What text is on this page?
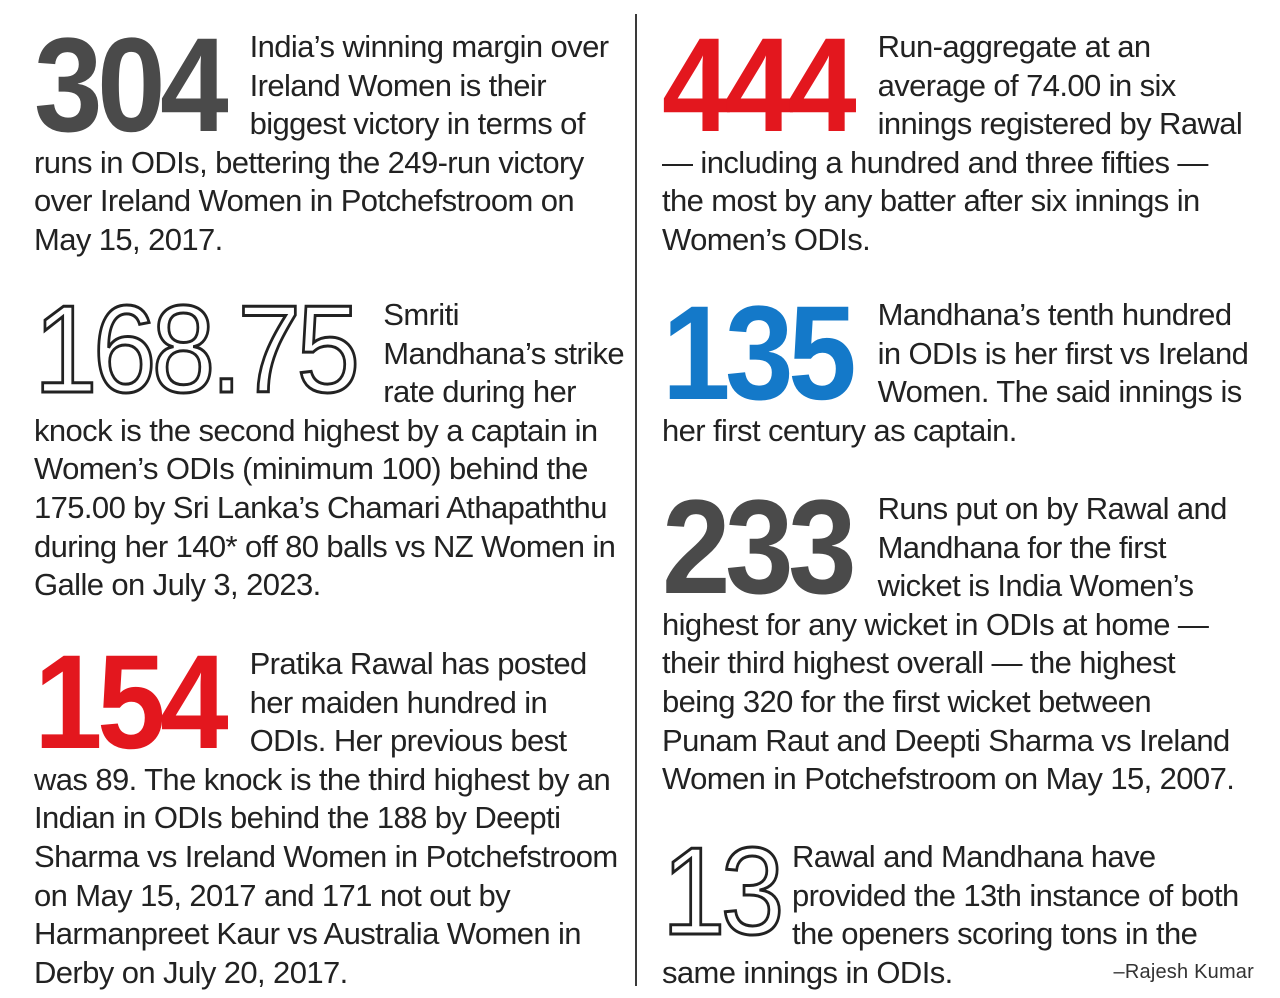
304 India’s winning margin over Ireland Women is their biggest victory in terms of runs in ODIs, bettering the 249-run victory over Ireland Women in Potchefstroom on May 15, 2017.
168.75 Smriti Mandhana’s strike rate during her knock is the second highest by a captain in Women’s ODIs (minimum 100) behind the 175.00 by Sri Lanka’s Chamari Athapaththu during her 140* off 80 balls vs NZ Women in Galle on July 3, 2023.
154 Pratika Rawal has posted her maiden hundred in ODIs. Her previous best was 89. The knock is the third highest by an Indian in ODIs behind the 188 by Deepti Sharma vs Ireland Women in Potchefstroom on May 15, 2017 and 171 not out by Harmanpreet Kaur vs Australia Women in Derby on July 20, 2017.
444 Run-aggregate at an average of 74.00 in six innings registered by Rawal — including a hundred and three fifties — the most by any batter after six innings in Women’s ODIs.
135 Mandhana’s tenth hundred in ODIs is her first vs Ireland Women. The said innings is her first century as captain.
233 Runs put on by Rawal and Mandhana for the first wicket is India Women’s highest for any wicket in ODIs at home — their third highest overall — the highest being 320 for the first wicket between Punam Raut and Deepti Sharma vs Ireland Women in Potchefstroom on May 15, 2007.
13 Rawal and Mandhana have provided the 13th instance of both the openers scoring tons in the same innings in ODIs.	–Rajesh Kumar
